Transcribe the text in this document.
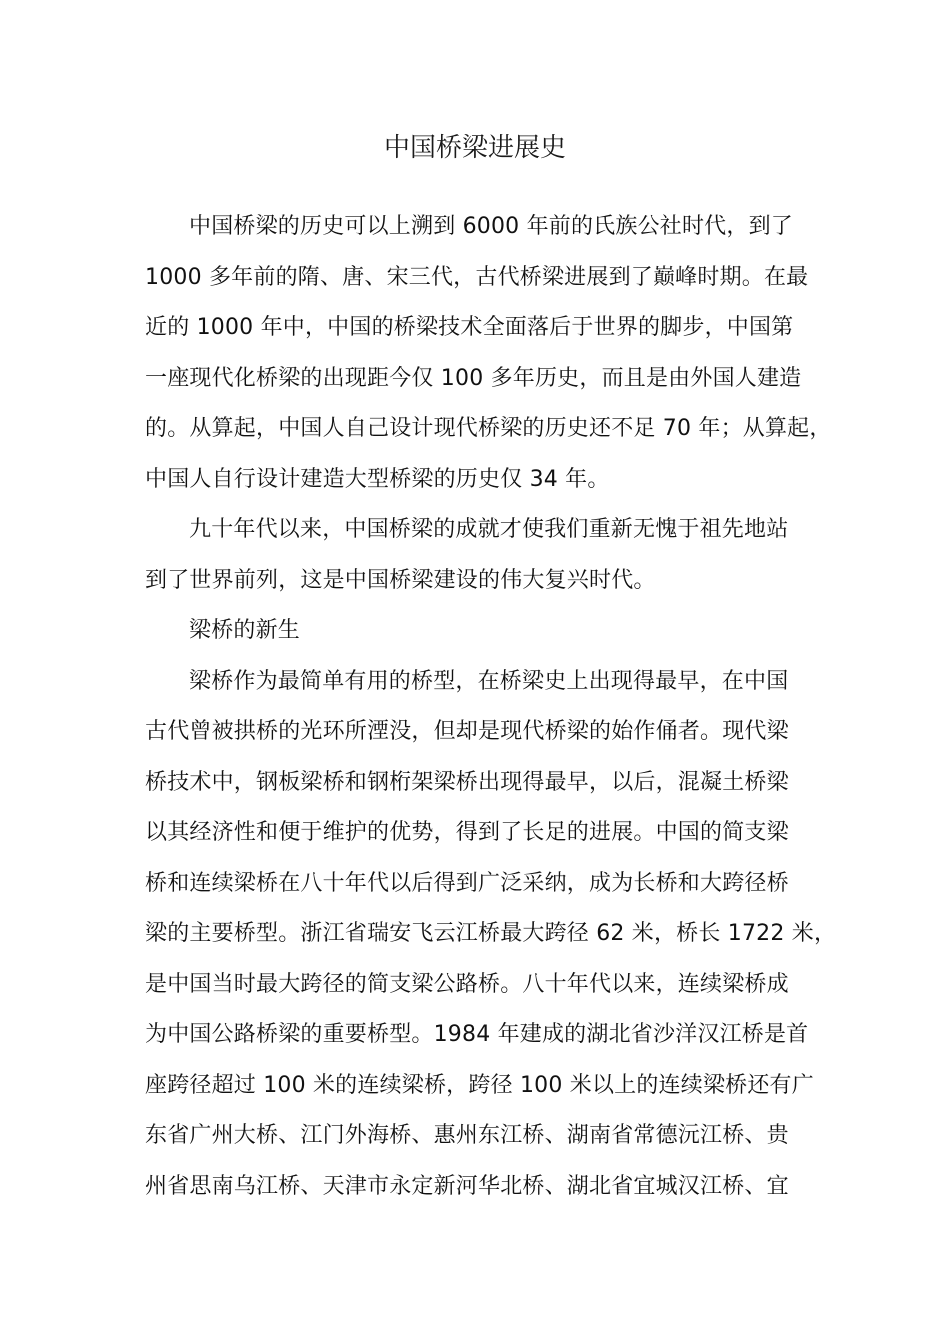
中国桥梁进展史
中国桥梁的历史可以上溯到 6000 年前的氏族公社时代，到了
1000 多年前的隋、唐、宋三代，古代桥梁进展到了巅峰时期。在最
近的 1000 年中，中国的桥梁技术全面落后于世界的脚步，中国第
一座现代化桥梁的出现距今仅 100 多年历史，而且是由外国人建造
的。从算起，中国人自己设计现代桥梁的历史还不足 70 年；从算起，
中国人自行设计建造大型桥梁的历史仅 34 年。
九十年代以来，中国桥梁的成就才使我们重新无愧于祖先地站
到了世界前列，这是中国桥梁建设的伟大复兴时代。
梁桥的新生
梁桥作为最简单有用的桥型，在桥梁史上出现得最早，在中国
古代曾被拱桥的光环所湮没，但却是现代桥梁的始作俑者。现代梁
桥技术中，钢板梁桥和钢桁架梁桥出现得最早，以后，混凝土桥梁
以其经济性和便于维护的优势，得到了长足的进展。中国的简支梁
桥和连续梁桥在八十年代以后得到广泛采纳，成为长桥和大跨径桥
梁的主要桥型。浙江省瑞安飞云江桥最大跨径 62 米，桥长 1722 米，
是中国当时最大跨径的简支梁公路桥。八十年代以来，连续梁桥成
为中国公路桥梁的重要桥型。1984 年建成的湖北省沙洋汉江桥是首
座跨径超过 100 米的连续梁桥，跨径 100 米以上的连续梁桥还有广
东省广州大桥、江门外海桥、惠州东江桥、湖南省常德沅江桥、贵
州省思南乌江桥、天津市永定新河华北桥、湖北省宜城汉江桥、宜
